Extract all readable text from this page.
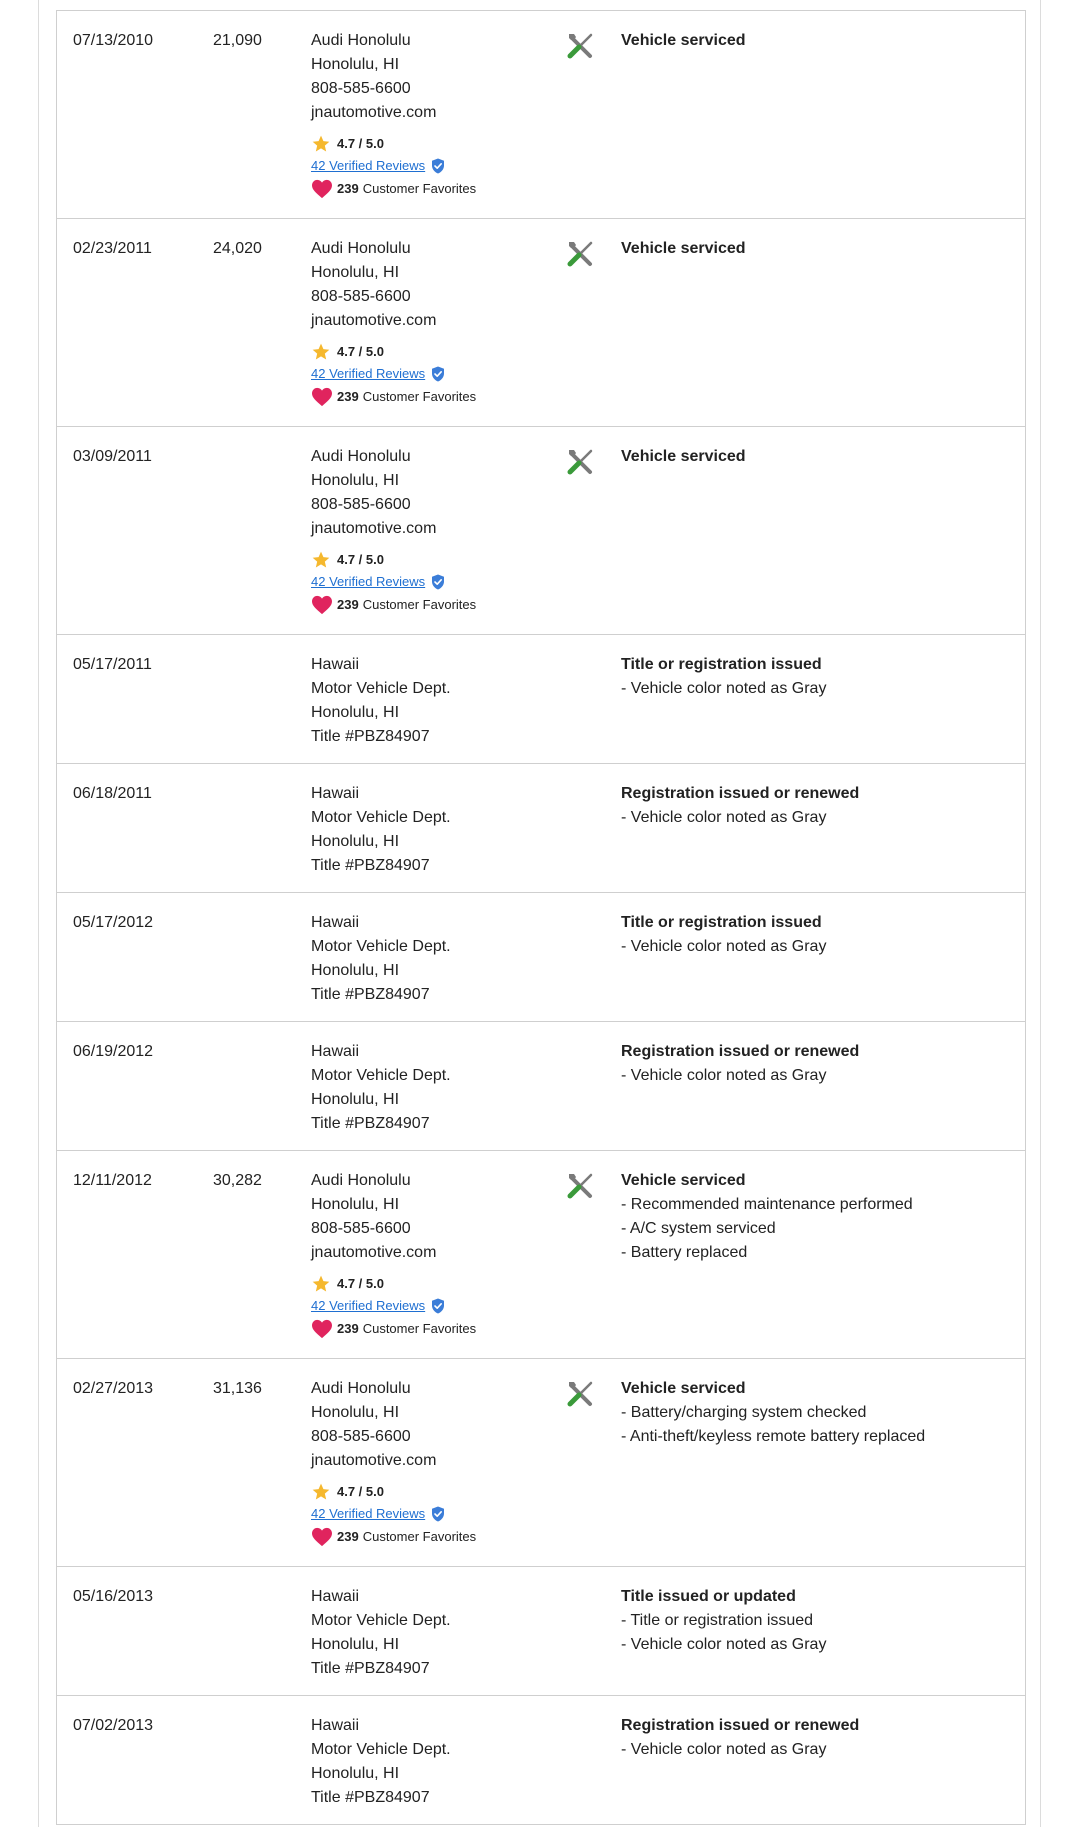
07/13/2010	21,090	Audi Honolulu
Honolulu, HI
808-585-6600
jnautomotive.com
4.7 / 5.0
42 Verified Reviews
239 Customer Favorites
Vehicle serviced
02/23/2011	24,020	Audi Honolulu
Honolulu, HI
808-585-6600
jnautomotive.com
4.7 / 5.0
42 Verified Reviews
239 Customer Favorites
Vehicle serviced
03/09/2011	Audi Honolulu
Honolulu, HI
808-585-6600
jnautomotive.com
4.7 / 5.0
42 Verified Reviews
239 Customer Favorites
Vehicle serviced
05/17/2011	Hawaii
Motor Vehicle Dept.
Honolulu, HI
Title #PBZ84907
Title or registration issued
- Vehicle color noted as Gray
06/18/2011	Hawaii
Motor Vehicle Dept.
Honolulu, HI
Title #PBZ84907
Registration issued or renewed
- Vehicle color noted as Gray
05/17/2012	Hawaii
Motor Vehicle Dept.
Honolulu, HI
Title #PBZ84907
Title or registration issued
- Vehicle color noted as Gray
06/19/2012	Hawaii
Motor Vehicle Dept.
Honolulu, HI
Title #PBZ84907
Registration issued or renewed
- Vehicle color noted as Gray
12/11/2012	30,282	Audi Honolulu
Honolulu, HI
808-585-6600
jnautomotive.com
4.7 / 5.0
42 Verified Reviews
239 Customer Favorites
Vehicle serviced
- Recommended maintenance performed
- A/C system serviced
- Battery replaced
02/27/2013	31,136	Audi Honolulu
Honolulu, HI
808-585-6600
jnautomotive.com
4.7 / 5.0
42 Verified Reviews
239 Customer Favorites
Vehicle serviced
- Battery/charging system checked
- Anti-theft/keyless remote battery replaced
05/16/2013	Hawaii
Motor Vehicle Dept.
Honolulu, HI
Title #PBZ84907
Title issued or updated
- Title or registration issued
- Vehicle color noted as Gray
07/02/2013	Hawaii
Motor Vehicle Dept.
Honolulu, HI
Title #PBZ84907
Registration issued or renewed
- Vehicle color noted as Gray
